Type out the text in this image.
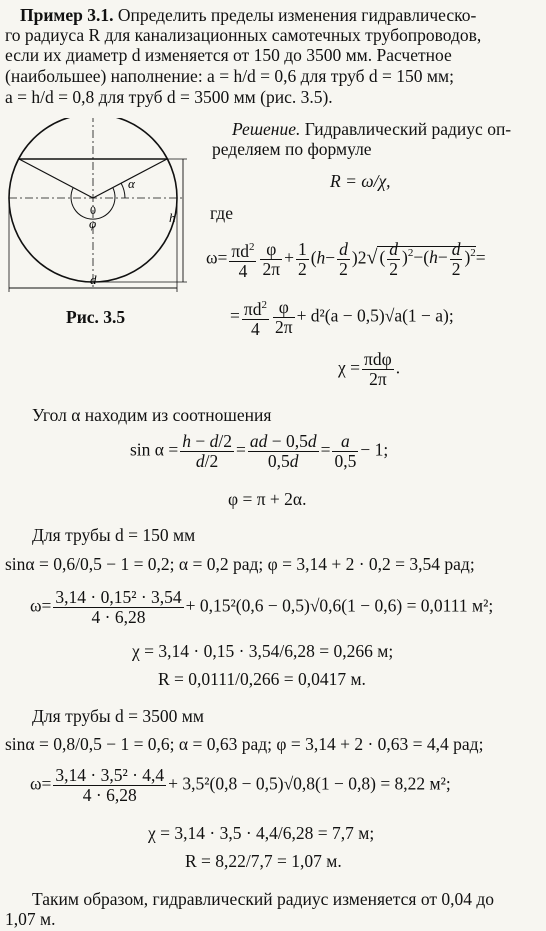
Пример 3.1. Определить пределы изменения гидравлическо-
го радиуса R для канализационных самотечных трубопроводов,
если их диаметр d изменяется от 150 до 3500 мм. Расчетное
(наибольшее) наполнение: a = h/d = 0,6 для труб d = 150 мм;
a = h/d = 0,8 для труб d = 3500 мм (рис. 3.5).
α
0
φ	h
d
Рис. 3.5
Решение. Гидравлический радиус оп-
ределяем по формуле
R = ω/χ,
где
$\omega= \frac{\pi d^2}{4} \frac{\varphi}{2\pi} + \frac{1}{2} (h- \frac{d}{2} )2√$ ( $\frac{d}{2} )^2-(h- \frac{d}{2} )^2=$
= $\frac{\pi d^2}{4} \frac{\varphi}{2\pi} + d^2(a - 0,5)√a(1 - a)$;
$\chi = \frac{\text{πdφ}}{2\pi}$ .
Угол α находим из соотношения
$\sin \alpha = \frac{h - d/2}{d/2} = \frac{ad - 0,5d}{0,5d} = \frac{a}{0,5} - 1$;
φ = π + 2α.
Для трубы d = 150 мм
sinα = 0,6/0,5 − 1 = 0,2; α = 0,2 рад; φ = 3,14 + 2 · 0,2 = 3,54 рад;
$\omega= \frac{\text{3,14 · 0,15² · 3,54}}{4 \cdot 6,28} + 0,15^2(0,6 - 0,5)√0,6(1 - 0,6) = 0,0111$ м²;
χ = 3,14 · 0,15 · 3,54/6,28 = 0,266 м;
R = 0,0111/0,266 = 0,0417 м.
Для трубы d = 3500 мм
sinα = 0,8/0,5 − 1 = 0,6; α = 0,63 рад; φ = 3,14 + 2 · 0,63 = 4,4 рад;
$\omega= \frac{\text{3,14 · 3,5² · 4,4}}{4 \cdot 6,28} + 3,5^2(0,8 - 0,5)√0,8(1 - 0,8) = 8,22$ м²;
χ = 3,14 · 3,5 · 4,4/6,28 = 7,7 м;
R = 8,22/7,7 = 1,07 м.
Таким образом, гидравлический радиус изменяется от 0,04 до
1,07 м.
